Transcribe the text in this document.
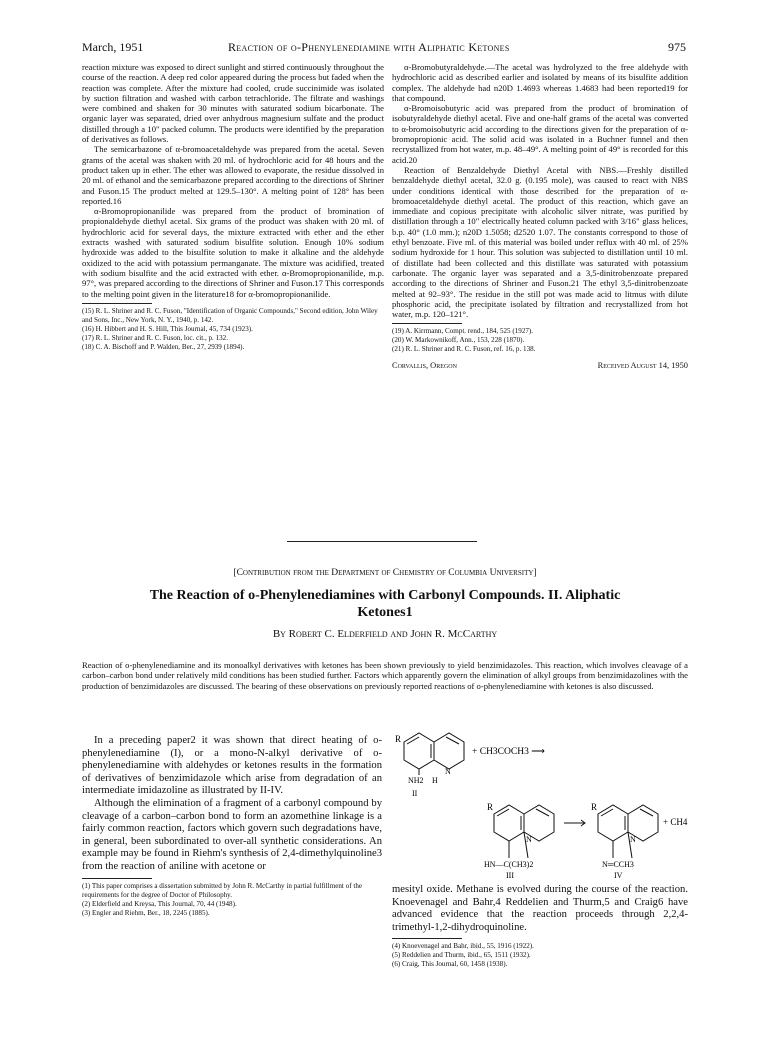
March, 1951	Reaction of o-Phenylenediamine with Aliphatic Ketones	975

reaction mixture was exposed to direct sunlight and stirred continuously throughout the course of the reaction. A deep red color appeared during the process but faded when the reaction was complete. After the mixture had cooled, crude succinimide was isolated by suction filtration and washed with carbon tetrachloride. The filtrate and washings were combined and shaken for 30 minutes with saturated sodium bicarbonate. The organic layer was separated, dried over anhydrous magnesium sulfate and the product distilled through a 10" packed column. The products were identified by the preparation of derivatives as follows.

The semicarbazone of α-bromoacetaldehyde was prepared from the acetal. Seven grams of the acetal was shaken with 20 ml. of hydrochloric acid for 48 hours and the product taken up in ether. The ether was allowed to evaporate, the residue dissolved in 20 ml. of ethanol and the semicarbazone prepared according to the directions of Shriner and Fuson.15 The product melted at 129.5–130°. A melting point of 128° has been reported.16

α-Bromopropionanilide was prepared from the product of bromination of propionaldehyde diethyl acetal. Six grams of the product was shaken with 20 ml. of hydrochloric acid for several days, the mixture extracted with ether and the ether extracts washed with saturated sodium bisulfite solution. Enough 10% sodium hydroxide was added to the bisulfite solution to make it alkaline and the aldehyde oxidized to the acid with potassium permanganate. The mixture was acidified, treated with sodium bisulfite and the acid extracted with ether. α-Bromopropionanilide, m.p. 97°, was prepared according to the directions of Shriner and Fuson.17 This corresponds to the melting point given in the literature18 for α-bromopropionanilide.

(15) R. L. Shriner and R. C. Fuson, "Identification of Organic Compounds," Second edition, John Wiley and Sons, Inc., New York, N. Y., 1940, p. 142.

(16) H. Hibbert and H. S. Hill, This Journal, 45, 734 (1923).

(17) R. L. Shriner and R. C. Fuson, loc. cit., p. 132.

(18) C. A. Bischoff and P. Walden, Ber., 27, 2939 (1894).

α-Bromobutyraldehyde.—The acetal was hydrolyzed to the free aldehyde with hydrochloric acid as described earlier and isolated by means of its bisulfite addition complex. The aldehyde had n20D 1.4693 whereas 1.4683 had been reported19 for that compound.

α-Bromoisobutyric acid was prepared from the product of bromination of isobutyraldehyde diethyl acetal. Five and one-half grams of the acetal was converted to α-bromoisobutyric acid according to the directions given for the preparation of α-bromopropionic acid. The solid acid was isolated in a Buchner funnel and then recrystallized from hot water, m.p. 48–49°. A melting point of 49° is recorded for this acid.20

Reaction of Benzaldehyde Diethyl Acetal with NBS.—Freshly distilled benzaldehyde diethyl acetal, 32.0 g. (0.195 mole), was caused to react with NBS under conditions identical with those described for the preparation of α-bromoacetaldehyde diethyl acetal. The product of this reaction, which gave an immediate and copious precipitate with alcoholic silver nitrate, was purified by distillation through a 10" electrically heated column packed with 3/16" glass helices, b.p. 40° (1.0 mm.); n20D 1.5058; d2520 1.07. The constants correspond to those of ethyl benzoate. Five ml. of this material was boiled under reflux with 40 ml. of 25% sodium hydroxide for 1 hour. This solution was subjected to distillation until 10 ml. of distillate had been collected and this distillate was saturated with potassium carbonate. The organic layer was separated and a 3,5-dinitrobenzoate prepared according to the directions of Shriner and Fuson.21 The ethyl 3,5-dinitrobenzoate melted at 92–93°. The residue in the still pot was made acid to litmus with dilute phosphoric acid, the precipitate isolated by filtration and recrystallized from hot water, m.p. 120–121°.

(19) A. Kirrmann, Compt. rend., 184, 525 (1927).

(20) W. Markownikoff, Ann., 153, 228 (1870).

(21) R. L. Shriner and R. C. Fuson, ref. 16, p. 138.

Corvallis, Oregon	Received August 14, 1950
[Contribution from the Department of Chemistry of Columbia University]
The Reaction of o-Phenylenediamines with Carbonyl Compounds. II. Aliphatic
Ketones1
By Robert C. Elderfield and John R. McCarthy

Reaction of o-phenylenediamine and its monoalkyl derivatives with ketones has been shown previously to yield benzimidazoles. This reaction, which involves cleavage of a carbon–carbon bond under relatively mild conditions has been studied further. Factors which apparently govern the elimination of alkyl groups from benzimidazolines with the production of benzimidazoles are discussed. The bearing of these observations on previously reported reactions of o-phenylenediamine with ketones is also discussed.

In a preceding paper2 it was shown that direct heating of o-phenylenediamine (I), or a mono-N-alkyl derivative of o-phenylenediamine with aldehydes or ketones results in the formation of derivatives of benzimidazole which arise from degradation of an intermediate imidazoline as illustrated by II-IV.

Although the elimination of a fragment of a carbonyl compound by cleavage of a carbon–carbon bond to form an azomethine linkage is a fairly common reaction, factors which govern such degradations have, in general, been subordinated to over-all synthetic considerations. An example may be found in Riehm's synthesis of 2,4-dimethylquinoline3 from the reaction of aniline with acetone or

(1) This paper comprises a dissertation submitted by John R. McCarthy in partial fulfillment of the requirements for the degree of Doctor of Philosophy.

(2) Elderfield and Kreysa, This Journal, 70, 44 (1948).

(3) Engler and Riehm, Ber., 18, 2245 (1885).

R
+ CH3COCH3 ⟶
N
NH2 H
II
R
N
HN—C(CH3)2
III
R
N
+ CH4
N═CCH3
IV

mesityl oxide. Methane is evolved during the course of the reaction. Knoevenagel and Bahr,4 Reddelien and Thurm,5 and Craig6 have advanced evidence that the reaction proceeds through 2,2,4-trimethyl-1,2-dihydroquinoline.

(4) Knoevenagel and Bahr, ibid., 55, 1916 (1922).

(5) Reddelien and Thurm, ibid., 65, 1511 (1932).

(6) Craig, This Journal, 60, 1458 (1938).
